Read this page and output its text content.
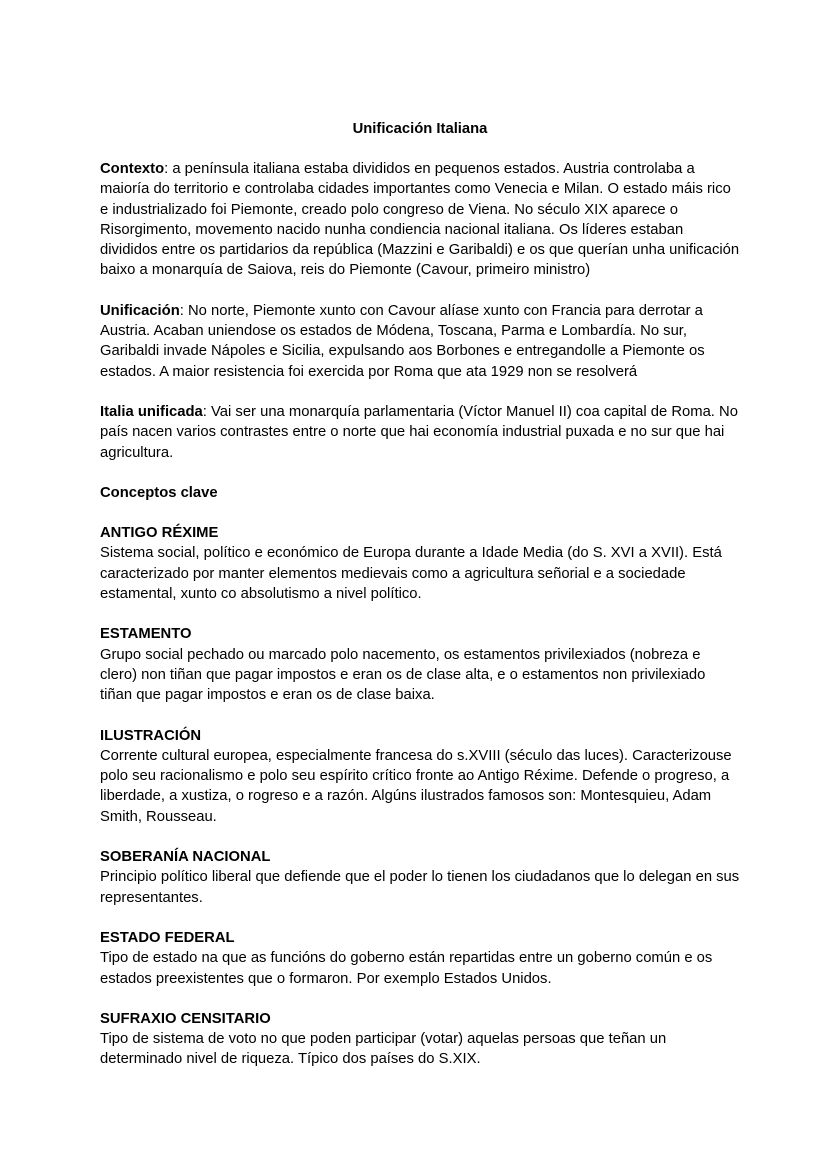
Unificación Italiana

Contexto: a península italiana estaba divididos en pequenos estados. Austria controlaba a maioría do territorio e controlaba cidades importantes como Venecia e Milan. O estado máis rico e industrializado foi Piemonte, creado polo congreso de Viena. No século XIX aparece o Risorgimento, movemento nacido nunha condiencia nacional italiana. Os líderes estaban divididos entre os partidarios da república (Mazzini e Garibaldi) e os que querían unha unificación baixo a monarquía de Saiova, reis do Piemonte (Cavour, primeiro ministro)

Unificación: No norte, Piemonte xunto con Cavour alíase xunto con Francia para derrotar a Austria. Acaban uniendose os estados de Módena, Toscana, Parma e Lombardía. No sur, Garibaldi invade Nápoles e Sicilia, expulsando aos Borbones e entregandolle a Piemonte os estados. A maior resistencia foi exercida por Roma que ata 1929 non se resolverá

Italia unificada: Vai ser una monarquía parlamentaria (Víctor Manuel II) coa capital de Roma. No país nacen varios contrastes entre o norte que hai economía industrial puxada e no sur que hai agricultura.

Conceptos clave

ANTIGO RÉXIME

Sistema social, político e económico de Europa durante a Idade Media (do S. XVI a XVII). Está caracterizado por manter elementos medievais como a agricultura señorial e a sociedade estamental, xunto co absolutismo a nivel político.

ESTAMENTO

Grupo social pechado ou marcado polo nacemento, os estamentos privilexiados (nobreza e clero) non tiñan que pagar impostos e eran os de clase alta, e o estamentos non privilexiado tiñan que pagar impostos e eran os de clase baixa.

ILUSTRACIÓN

Corrente cultural europea, especialmente francesa do s.XVIII (século das luces). Caracterizouse polo seu racionalismo e polo seu espírito crítico fronte ao Antigo Réxime. Defende o progreso, a liberdade, a xustiza, o rogreso e a razón. Algúns ilustrados famosos son: Montesquieu, Adam Smith, Rousseau.

SOBERANÍA NACIONAL

Principio político liberal que defiende que el poder lo tienen los ciudadanos que lo delegan en sus representantes.

ESTADO FEDERAL

Tipo de estado na que as funcións do goberno están repartidas entre un goberno común e os estados preexistentes que o formaron. Por exemplo Estados Unidos.

SUFRAXIO CENSITARIO

Tipo de sistema de voto no que poden participar (votar) aquelas persoas que teñan un determinado nivel de riqueza. Típico dos países do S.XIX.
